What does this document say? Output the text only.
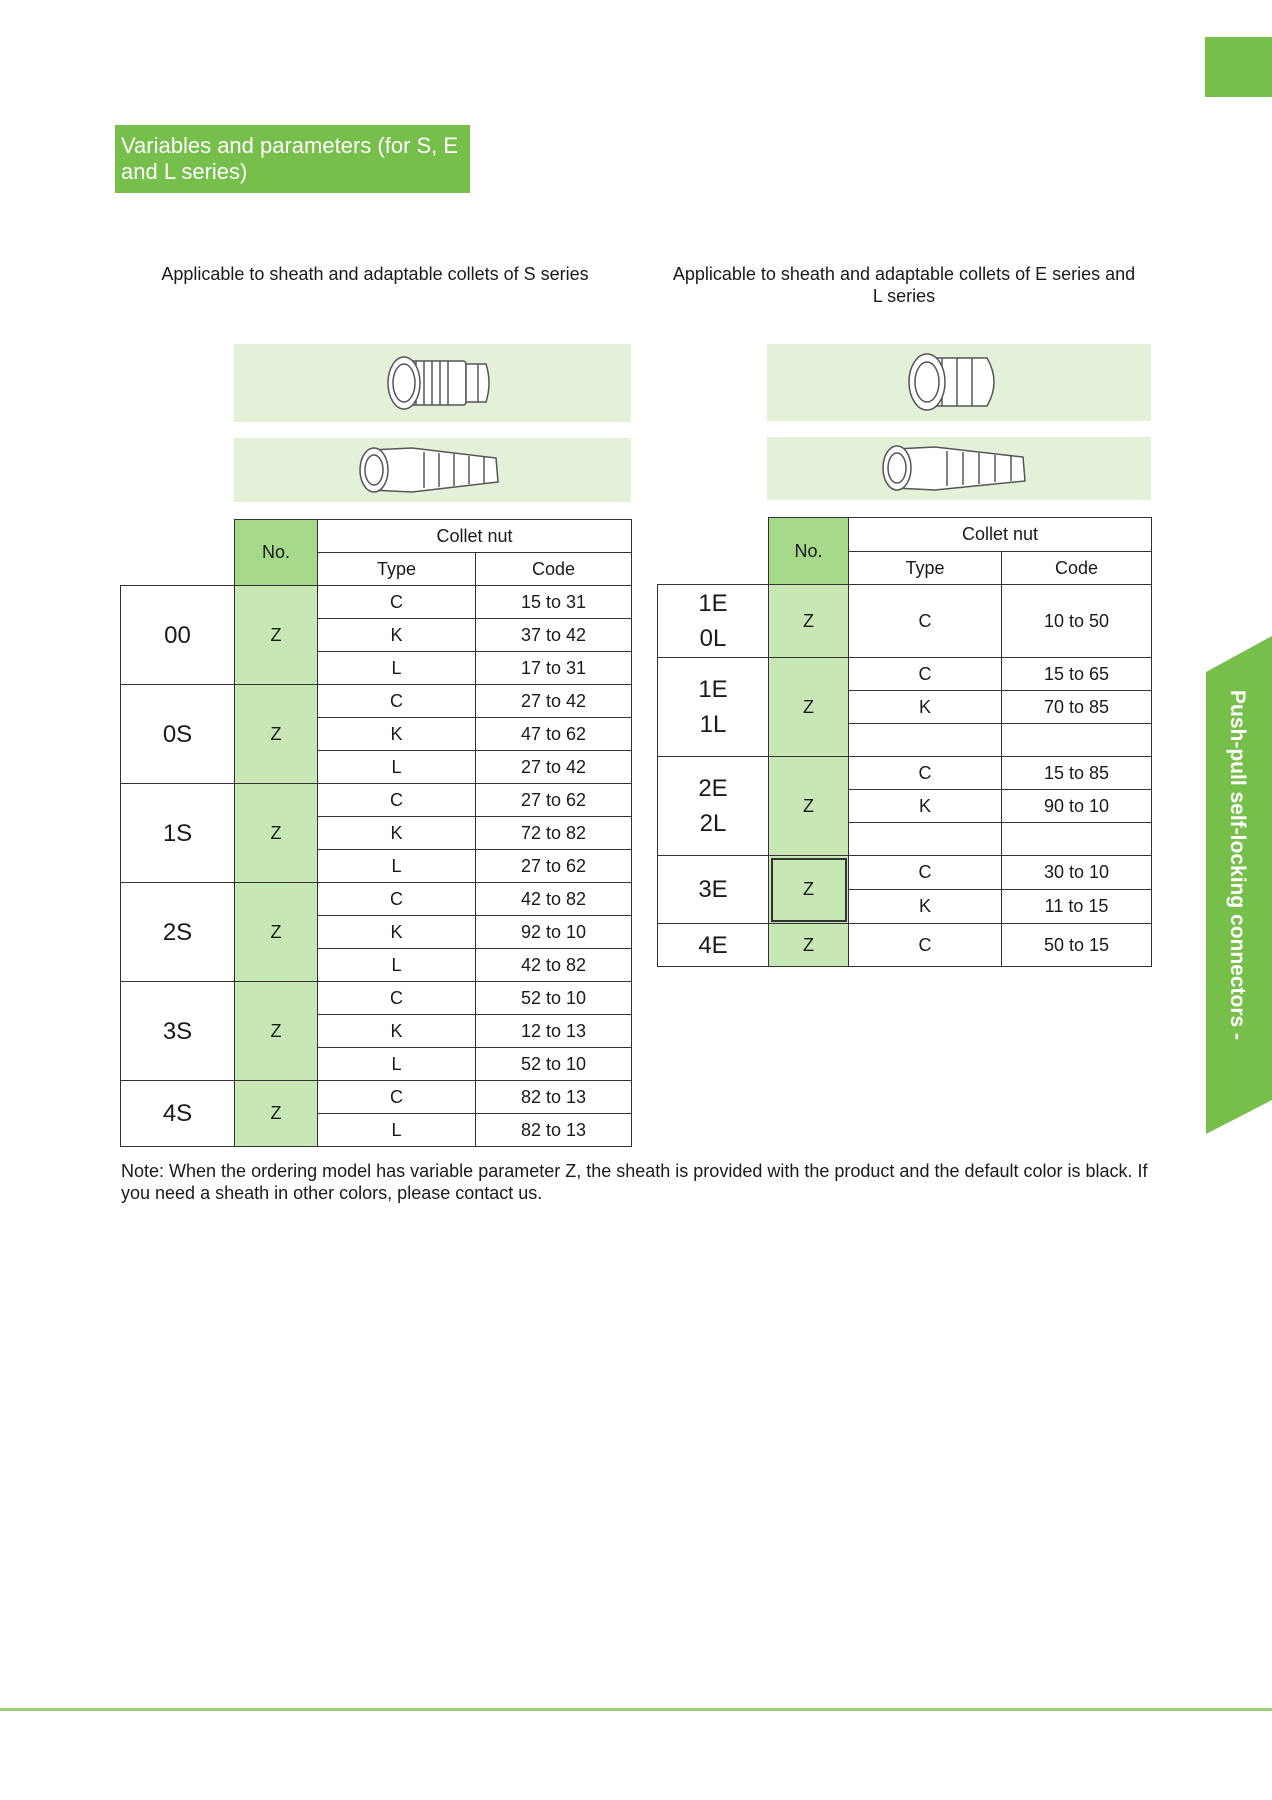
Variables and parameters (for S, E and L series)
Applicable to sheath and adaptable collets of S series	Applicable to sheath and adaptable collets of E series and L series
	No.	Collet nut	
		Type	Code
00	Z	C	15 to 31
		K	37 to 42
		L	17 to 31
0S	Z	C	27 to 42
		K	47 to 62
		L	27 to 42
1S	Z	C	27 to 62
		K	72 to 82
		L	27 to 62
2S	Z	C	42 to 82
		K	92 to 10
		L	42 to 82
3S	Z	C	52 to 10
		K	12 to 13
		L	52 to 10
4S	Z	C	82 to 13
		L	82 to 13
	No.	Collet nut	
		Type	Code
1E
0L	Z	C	10 to 50
1E
1L	Z	C	15 to 65
		K	70 to 85

2E
2L	Z	C	15 to 85
		K	90 to 10

3E	Z	C	30 to 10
		K	11 to 15
4E	Z	C	50 to 15
Note: When the ordering model has variable parameter Z, the sheath is provided with the product and the default color is black. If you need a sheath in other colors, please contact us.
Push-pull self-locking connectors -
